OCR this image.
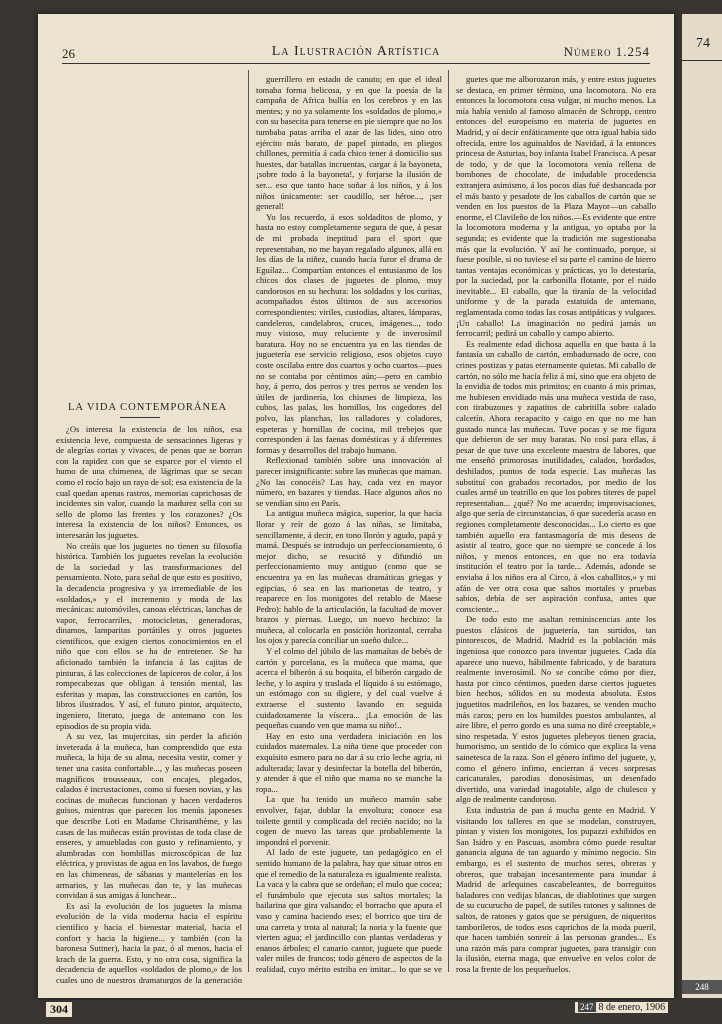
26	La Ilustración Artística	Número 1.254
LA VIDA CONTEMPORÁNEA

¿Os interesa la existencia de los niños, esa existencia leve, compuesta de sensaciones ligeras y de alegrías cortas y vivaces, de penas que se borran con la rapidez con que se esparce por el viento el humo de una chimenea, de lágrimas que se secan como el rocío bajo un rayo de sol; esa existencia de la cual quedan apenas rastros, memorias caprichosas de incidentes sin valor, cuando la madurez sella con su sello de plomo las frentes y los corazones? ¿Os interesa la existencia de los niños? Entonces, os interesarán los juguetes.

No creáis que los juguetes no tienen su filosofía histórica. También los juguetes revelan la evolución de la sociedad y las transformaciones del pensamiento. Noto, para señal de que esto es positivo, la decadencia progresiva y ya irremediable de los «soldados,» y el incremento y moda de las mecánicas: automóviles, canoas eléctricas, lanchas de vapor, ferrocarriles, motocicletas, generadoras, dinamos, lamparitas portátiles y otros juguetes científicos, que exigen ciertos conocimientos en el niño que con ellos se ha de entretener. Se ha aficionado también la infancia á las cajitas de pinturas, á las colecciones de lapiceros de color, á los rompecabezas que obligan á tensión mental, las esferitas y mapas, las construcciones en cartón, los libros ilustrados. Y así, el futuro pintor, arquitecto, ingeniero, literato, juega de antemano con los episodios de su propia vida.

A su vez, las mujercitas, sin perder la afición inveterada á la muñeca, han comprendido que esta muñeca, la hija de su alma, necesita vestir, comer y tener una casita confortable..., y las muñecas poseen magníficos trousseaux, con encajes, plegados, calados é incrustaciones, como si fuesen novias, y las cocinas de muñecas funcionan y hacen verdaderos guisos, mientras que parecen los menús japoneses que describe Loti en Madame Chrisanthème, y las casas de las muñecas están provistas de toda clase de enseres, y amuebladas con gusto y refinamiento, y alumbradas con bombillas microscópicas de luz eléctrica, y provistas de agua en los lavabos, de fuego en las chimeneas, de sábanas y mantelerías en los armarios, y las muñecas dan te, y las muñecas convidan á sus amigas á lunchear...

Es así la evolución de los juguetes la misma evolución de la vida moderna hacia el espíritu científico y hacia el bienestar material, hacia el confort y hacia la higiene... y también (con la baronesa Suttner), hacia la paz, ó al menos, hacia el krach de la guerra. Esto, y no otra cosa, significa la decadencia de aquellos «soldados de plomo,» de los cuales uno de nuestros dramaturgos de la generación

guerrillero en estado de canuto; en que el ideal tomaba forma belicosa, y en que la poesía de la campaña de Africa bullía en los cerebros y en las mentes; y no ya solamente los «soldados de plomo,» con su basecita para tenerse en pie siempre que no los tumbaba patas arriba el azar de las lides, sino otro ejército más barato, de papel pintado, en pliegos chillones, permitía á cada chico tener á domicilio sus huestes, dar batallas incruentas, cargar á la bayoneta, ¡sobre todo á la bayoneta!, y forjarse la ilusión de ser... eso que tanto hace soñar á los niños, y á los niños únicamente: ser caudillo, ser héroe..., ¡ser general!

Yo los recuerdo, á esos soldaditos de plomo, y hasta no estoy completamente segura de que, á pesar de mi probada ineptitud para el sport que representaban, no me hayan regalado algunos, allá en los días de la niñez, cuando hacía furor el drama de Eguílaz... Compartían entonces el entusiasmo de los chicos dos clases de juguetes de plomo, muy candorosos en su hechura: los soldados y los curitas, acompañados éstos últimos de sus accesorios correspondientes: viriles, custodias, altares, lámparas, candeleros, candelabros, cruces, imágenes..., todo muy vistoso, muy reluciente y de inverosímil baratura. Hoy no se encuentra ya en las tiendas de juguetería ese servicio religioso, esos objetos cuyo coste oscilaba entre dos cuartos y ocho cuartos—pues no se contaba por céntimos aún;—pero en cambio hoy, á perro, dos perros y tres perros se venden los útiles de jardinería, los chismes de limpieza, los cubos, las palas, los hornillos, los cogedores del polvo, las planchas, los ralladores y coladores, espeteras y hornillas de cocina, mil trebejos que corresponden á las faenas domésticas y á diferentes formas y desarrollos del trabajo humano.

Reflexionad también sobre una innovación al parecer insignificante: sobre las muñecas que maman. ¿No las conocéis? Las hay, cada vez en mayor número, en bazares y tiendas. Hace algunos años no se vendían sino en París.

La antigua muñeca mágica, superior, la que hacía llorar y reír de gozo á las niñas, se limitaba, sencillamente, á decir, en tono llorón y agudo, papá y mamá. Después se introdujo un perfeccionamiento, ó mejor dicho, se resucitó y difundió un perfeccionamiento muy antiguo (como que se encuentra ya en las muñecas dramáticas griegas y egipcias, ó sea en las marionetas de teatro, y reaparece en los monigotes del retablo de Maese Pedro): hablo de la articulación, la facultad de mover brazos y piernas. Luego, un nuevo hechizo: la muñeca, al colocarla en posición horizontal, cerraba los ojos y parecía conciliar un sueño dulce...

Y el colmo del júbilo de las mamaítas de bebés de cartón y porcelana, es la muñeca que mama, que acerca el biberón á su boquita, el biberón cargado de leche, y lo aspira y traslada el líquido á su estómago, un estómago con su digiere, y del cual vuelve á extraerse el sustento lavando en seguida cuidadosamente la víscera... ¡La emoción de las pequeñas cuando ven que mama su niño!..

Hay en esto una verdadera iniciación en los cuidados maternales. La niña tiene que proceder con exquisito esmero para no dar á su crío leche agria, ni adulterada; lavar y desinfectar la botella del biberón, y atender á que el niño que mama no se manche la ropa...

La que ha tenido un muñeco mamón sabe envolver, fajar, doblar la envoltura; conoce esa toilette gentil y complicada del recién nacido; no la cogen de nuevo las tareas que probablemente la impondrá el porvenir.

Al lado de este juguete, tan pedagógico en el sentido humano de la palabra, hay que situar otros en que el remedio de la naturaleza es igualmente realista. La vaca y la cabra que se ordeñan; el mulo que cocea; el funámbulo que ejecuta sus saltos mortales; la bailarina que gira valsando; el borracho que apura el vaso y camina haciendo eses; el borrico que tira de una carreta y trota al natural; la noria y la fuente que vierten agua; el jardincillo con plantas verdaderas y enanos árboles; el canario cantor, juguete que puede valer miles de francos; todo género de aspectos de la realidad, cuyo mérito estriba en imitar... lo que se ve

guetes que me alborozaron más, y entre estos juguetes se destaca, en primer término, una locomotora. No era entonces la locomotora cosa vulgar, ni mucho menos. La mía había venido al famoso almacén de Schropp, centro entonces del europeísmo en materia de juguetes en Madrid, y oí decir enfáticamente que otra igual había sido ofrecida, entre los aguinaldos de Navidad, á la entonces princesa de Asturias, hoy infanta Isabel Francisca. A pesar de todo, y de que la locomotora venía rellena de bombones de chocolate, de indudable procedencia extranjera asimismo, á los pocos días fué desbancada por el más basto y pesadote de los caballos de cartón que se venden en los puestos de la Plaza Mayor—un caballo enorme, el Clavileño de los niños.—Es evidente que entre la locomotora moderna y la antigua, yo optaba por la segunda; es evidente que la tradición me sugestionaba más que la evolución. Y así he continuado, porque, si fuese posible, si no tuviese el su parte el camino de hierro tantas ventajas económicas y prácticas, yo lo detestaría, por la suciedad, por la carbonilla flotante, por el ruido inevitable... El caballo, que la tiranía de la velocidad uniforme y de la parada estatuida de antemano, reglamentada como todas las cosas antipáticas y vulgares. ¡Un caballo! La imaginación no pedirá jamás un ferrocarril; pedirá un caballo y campo abierto.

Es realmente edad dichosa aquella en que basta á la fantasía un caballo de cartón, embadurnado de ocre, con crines postizas y patas eternamente quietas. Mi caballo de cartón, no sólo me hacía feliz á mí, sino que era objeto de la envidia de todos mis primitos; en cuanto á mis primas, me hubiesen envidiado más una muñeca vestida de raso, con tirabuzones y zapatitos de cabritilla sobre calado calcetín. Ahora recapacito y caigo en que no me han gustado nunca las muñecas. Tuve pocas y se me figura que debieron de ser muy baratas. No cosí para ellas, á pesar de que tuve una excelente maestra de labores, que me enseñó primorosas inutilidades, calados, bordados, deshilados, puntos de toda especie. Las muñecas las substituí con grabados recortados, por medio de los cuales armé un teatrillo en que los pobres títeres de papel representaban... ¿qué? No me acuerdo; improvisaciones, algo que sería de circunstancias, ó que sucedería acaso en regiones completamente desconocidas... Lo cierto es que también aquello era fantasmagoría de mis deseos de asistir al teatro, goce que no siempre se concede á los niños, y menos entonces, en que no era todavía institución el teatro por la tarde... Además, adonde se enviaba á los niños era al Circo, á «los caballitos,» y mi afán de ver otra cosa que saltos mortales y pruebas sabios, debía de ser aspiración confusa, antes que consciente...

De todo esto me asaltan reminiscencias ante los puestos clásicos de juguetería, tan surtidos, tan pintorescos, de Madrid. Madrid es la población más ingeniosa que conozco para inventar juguetes. Cada día aparece uno nuevo, hábilmente fabricado, y de baratura realmente inverosímil. No se concibe cómo por diez, hasta por cinco céntimos, pueden darse ciertos juguetes bien hechos, sólidos en su modesta absoluta. Estos juguetitos madrileños, en los bazares, se venden mucho más caros; pero en los humildes puestos ambulantes, al aire libre, el perro gordo es una suma no diré creeptable,» sino respetada. Y estos juguetes plebeyos tienen gracia, humorismo, un sentido de lo cómico que explica la vena sainetesca de la raza. Son el género ínfimo del juguete, y, como el género ínfimo, encierran á veces sorpresas caricaturales, parodias donosísimas, un desenfado divertido, una variedad inagotable, algo de chulesco y algo de realmente candoroso.

Esta industria de pan á mucha gente en Madrid. Y visitando los talleres en que se modelan, construyen, pintan y visten los monigotes, los pupazzi exhibidos en San Isidro y en Pascuas, asombra cómo puede resultar ganancia alguna de tan aguardo y mínimo negocio. Sin embargo, es el sustento de muchos seres, obreras y obreros, que trabajan incesantemente para inundar á Madrid de arlequines cascabeleantes, de borreguitos baladores con vedijas blancas, de diablotines que surgen de su cucurucho de papel, de sutiles ratones y saltones de saltos, de ratones y gatos que se persiguen, de niqueritos tamborileros, de todos esos caprichos de la moda pueril, que hacen también sonreír á las personas grandes... Es una razón más para comprar juguetes, para transigir con la ilusión, eterna maga, que envuelve en velos color de rosa la frente de los pequeñuelos.

74
248
304	247 8 de enero, 1906
